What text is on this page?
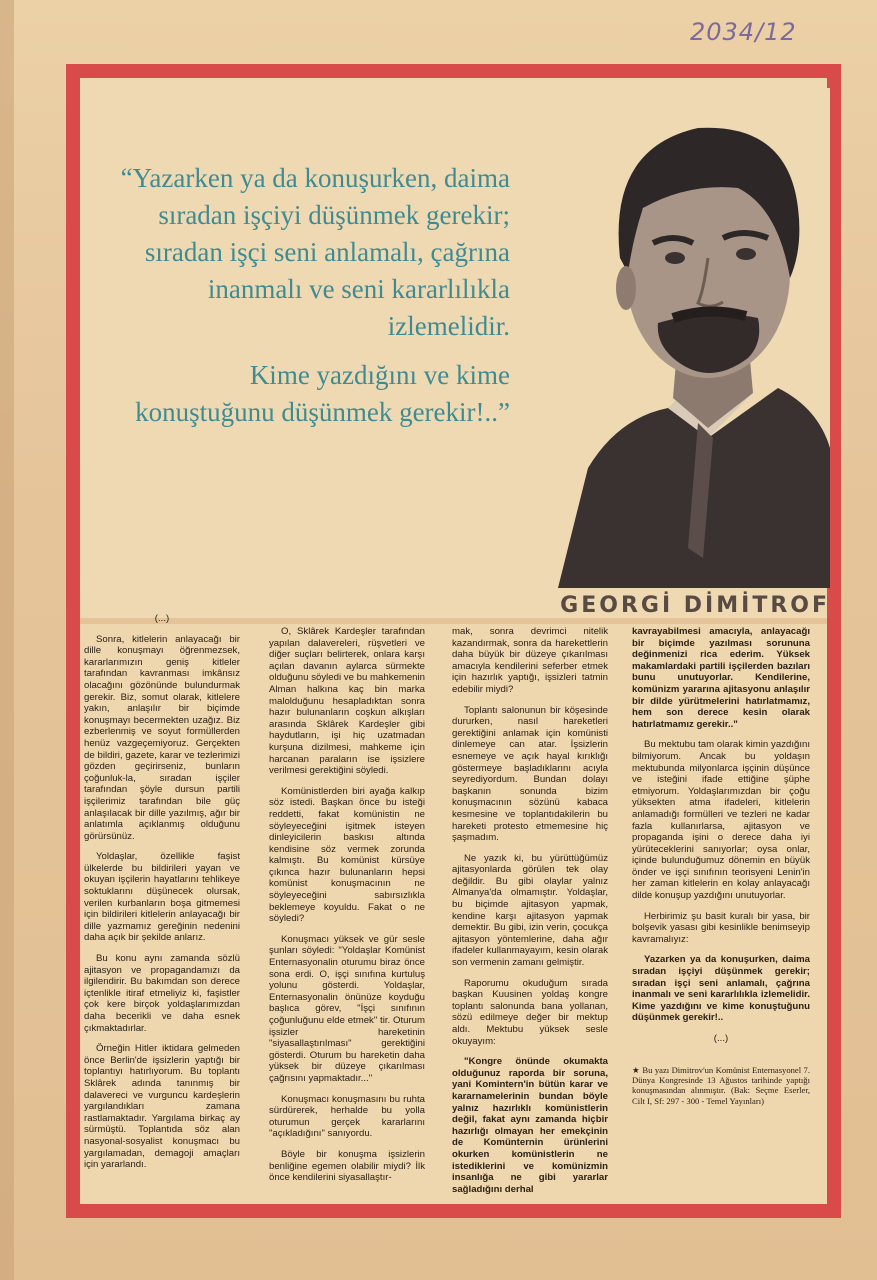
2034/12

“Yazarken ya da konuşurken, daima sıradan işçiyi düşünmek gerekir; sıradan işçi seni anlamalı, çağrına inanmalı ve seni kararlılıkla izlemelidir.

Kime yazdığını ve kime konuştuğunu düşünmek gerekir!..”

GEORGİ DİMİTROF

(...)

Sonra, kitlelerin anlayacağı bir dille konuşmayı öğrenmezsek, kararlarımızın geniş kitleler tarafından kavranması imkânsız olacağını gözönünde bulundurmak gerekir. Biz, somut olarak, kitlelere yakın, anlaşılır bir biçimde konuşmayı becermekten uzağız. Biz ezberlenmiş ve soyut formüllerden henüz vazgeçemiyoruz. Gerçekten de bildiri, gazete, karar ve tezlerimizi gözden geçirirseniz, bunların çoğunluk-la, sıradan işçiler tarafından şöyle dursun partili işçilerimiz tarafından bile güç anlaşılacak bir dille yazılmış, ağır bir anlatımla açıklanmış olduğunu görürsünüz.

Yoldaşlar, özellikle faşist ülkelerde bu bildirileri yayan ve okuyan işçilerin hayatlarını tehlikeye soktuklarını düşünecek olursak, verilen kurbanların boşa gitmemesi için bildirileri kitlelerin anlayacağı bir dille yazmamız gereğinin nedenini daha açık bir şekilde anlarız.

Bu konu aynı zamanda sözlü ajitasyon ve propagandamızı da ilgilendirir. Bu bakımdan son derece içtenlikle itiraf etmeliyiz ki, faşistler çok kere birçok yoldaşlarımızdan daha becerikli ve daha esnek çıkmaktadırlar.

Örneğin Hitler iktidara gelmeden önce Berlin'de işsizlerin yaptığı bir toplantıyı hatırlıyorum. Bu toplantı Sklârek adında tanınmış bir dalavereci ve vurguncu kardeşlerin yargılandıkları zamana rastlamaktadır. Yargılama birkaç ay sürmüştü. Toplantıda söz alan nasyonal-sosyalist konuşmacı bu yargılamadan, demagoji amaçları için yararlandı.

O, Sklârek Kardeşler tarafından yapılan dalavereleri, rüşvetleri ve diğer suçları belirterek, onlara karşı açılan davanın aylarca sürmekte olduğunu söyledi ve bu mahkemenin Alman halkına kaç bin marka malolduğunu hesapladıktan sonra hazır bulunanların coşkun alkışları arasında Sklârek Kardeşler gibi haydutların, işi hiç uzatmadan kurşuna dizilmesi, mahkeme için harcanan paraların ise işsizlere verilmesi gerektiğini söyledi.

Komünistlerden biri ayağa kalkıp söz istedi. Başkan önce bu isteği reddetti, fakat komünistin ne söyleyeceğini işitmek isteyen dinleyicilerin baskısı altında kendisine söz vermek zorunda kalmıştı. Bu komünist kürsüye çıkınca hazır bulunanların hepsi komünist konuşmacının ne söyleyeceğini sabırsızlıkla beklemeye koyuldu. Fakat o ne söyledi?

Konuşmacı yüksek ve gür sesle şunları söyledi: "Yoldaşlar Komünist Enternasyonalin oturumu biraz önce sona erdi. O, işçi sınıfına kurtuluş yolunu gösterdi. Yoldaşlar, Enternasyonalin önünüze koyduğu başlıca görev, "İşçi sınıfının çoğunluğunu elde etmek" tir. Oturum işsizler hareketinin "siyasallaştırılması" gerektiğini gösterdi. Oturum bu hareketin daha yüksek bir düzeye çıkarılması çağrısını yapmaktadır..."

Konuşmacı konuşmasını bu ruhta sürdürerek, herhalde bu yolla oturumun gerçek kararlarını "açıkladığını" sanıyordu.

Böyle bir konuşma işsizlerin benliğine egemen olabilir miydi? İlk önce kendilerini siyasallaştır-

mak, sonra devrimci nitelik kazandırmak, sonra da harekettlerin daha büyük bir düzeye çıkarılması amacıyla kendilerini seferber etmek için hazırlık yaptığı, işsizleri tatmin edebilir miydi?

Toplantı salonunun bir köşesinde dururken, nasıl hareketleri gerektiğini anlamak için komünisti dinlemeye can atar. İşsizlerin esnemeye ve açık hayal kırıklığı göstermeye başladıklarını acıyla seyrediyordum. Bundan dolayı başkanın sonunda bizim konuşmacının sözünü kabaca kesmesine ve toplantıdakilerin bu hareketi protesto etmemesine hiç şaşmadım.

Ne yazık ki, bu yürüttüğümüz ajitasyonlarda görülen tek olay değildir. Bu gibi olaylar yalnız Almanya'da olmamıştır. Yoldaşlar, bu biçimde ajitasyon yapmak, kendine karşı ajitasyon yapmak demektir. Bu gibi, izin verin, çocukça ajitasyon yöntemlerine, daha ağır ifadeler kullanmayayım, kesin olarak son vermenin zamanı gelmiştir.

Raporumu okuduğum sırada başkan Kuusinen yoldaş kongre toplantı salonunda bana yollanan, sözü edilmeye değer bir mektup aldı. Mektubu yüksek sesle okuyayım:

"Kongre önünde okumakta olduğunuz raporda bir soruna, yani Komintern'in bütün karar ve kararnamelerinin bundan böyle yalnız hazırlıklı komünistlerin değil, fakat aynı zamanda hiçbir hazırlığı olmayan her emekçinin de Komünternin ürünlerini okurken komünistlerin ne istediklerini ve komünizmin insanlığa ne gibi yararlar sağladığını derhal

kavrayabilmesi amacıyla, anlayacağı bir biçimde yazılması sorununa değinmenizi rica ederim. Yüksek makamlardaki partili işçilerden bazıları bunu unutuyorlar. Kendilerine, komünizm yararına ajitasyonu anlaşılır bir dilde yürütmelerini hatırlatmamız, hem son derece kesin olarak hatırlatmamız gerekir.."

Bu mektubu tam olarak kimin yazdığını bilmiyorum. Ancak bu yoldaşın mektubunda milyonlarca işçinin düşünce ve isteğini ifade ettiğine şüphe etmiyorum. Yoldaşlarımızdan bir çoğu yüksekten atma ifadeleri, kitlelerin anlamadığı formülleri ve tezleri ne kadar fazla kullanırlarsa, ajitasyon ve propaganda işini o derece daha iyi yürüteceklerini sanıyorlar; oysa onlar, içinde bulunduğumuz dönemin en büyük önder ve işçi sınıfının teorisyeni Lenin'in her zaman kitlelerin en kolay anlayacağı dilde konuşup yazdığını unutuyorlar.

Herbirimiz şu basit kuralı bir yasa, bir bolşevik yasası gibi kesinlikle benimseyip kavramalıyız:

Yazarken ya da konuşurken, daima sıradan işçiyi düşünmek gerekir; sıradan işçi seni anlamalı, çağrına inanmalı ve seni kararlılıkla izlemelidir. Kime yazdığını ve kime konuştuğunu düşünmek gerekir!..

(...)

★ Bu yazı Dimitrov'un Komünist Enternasyonel 7. Dünya Kongresinde 13 Ağustos tarihinde yaptığı konuşmasından alınmıştır. (Bak: Seçme Eserler, Cilt I, Sf: 297 - 300 - Temel Yayınları)
